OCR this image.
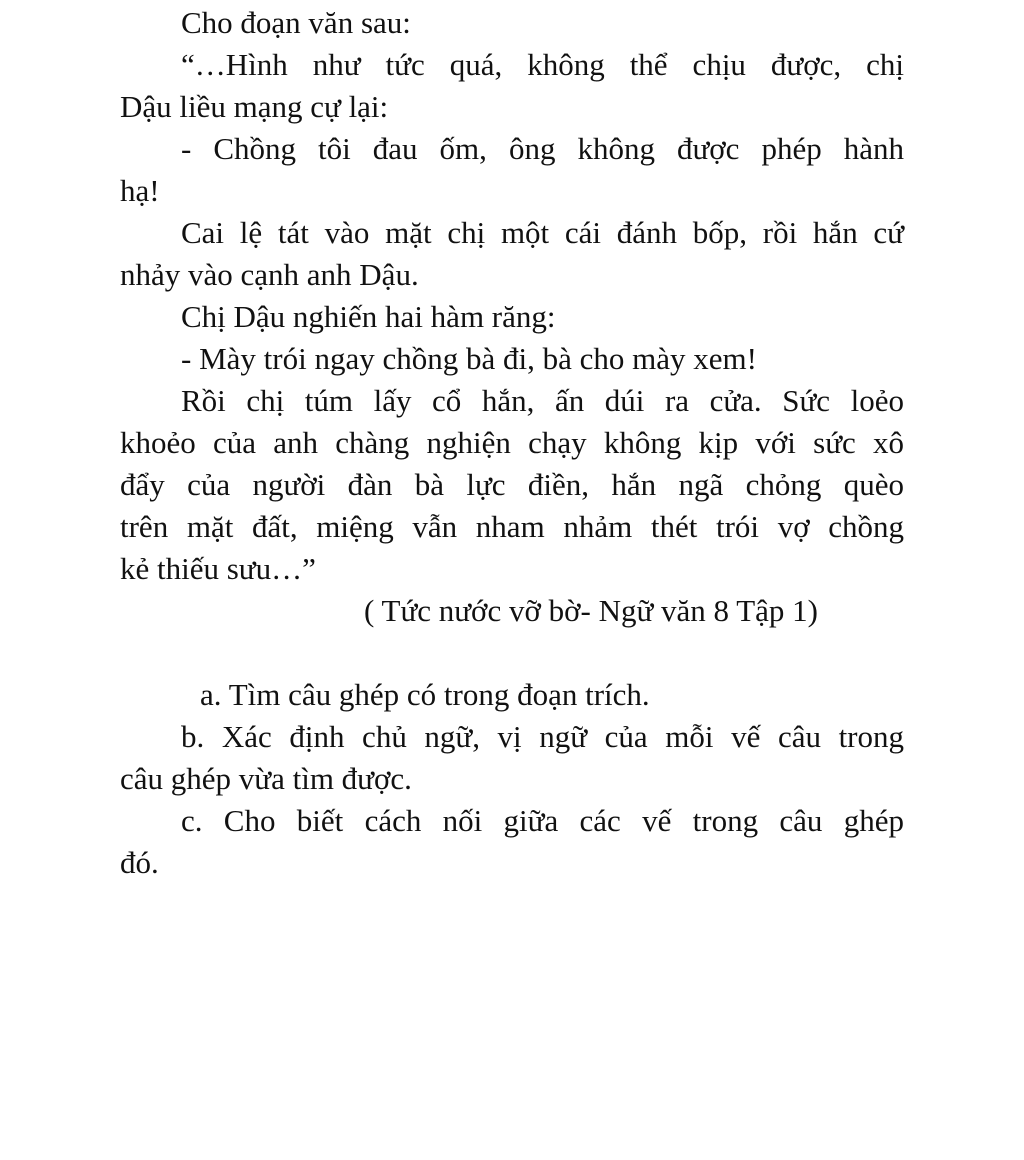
Cho đoạn văn sau:
“…Hình như tức quá, không thể chịu được, chị
Dậu liều mạng cự lại:
- Chồng tôi đau ốm, ông không được phép hành
hạ!
Cai lệ tát vào mặt chị một cái đánh bốp, rồi hắn cứ
nhảy vào cạnh anh Dậu.
Chị Dậu nghiến hai hàm răng:
- Mày trói ngay chồng bà đi, bà cho mày xem!
Rồi chị túm lấy cổ hắn, ấn dúi ra cửa. Sức loẻo
khoẻo của anh chàng nghiện chạy không kịp với sức xô
đẩy của người đàn bà lực điền, hắn ngã chỏng quèo
trên mặt đất, miệng vẫn nham nhảm thét trói vợ chồng
kẻ thiếu sưu…”
( Tức nước vỡ bờ- Ngữ văn 8 Tập 1)
a. Tìm câu ghép có trong đoạn trích.
b. Xác định chủ ngữ, vị ngữ của mỗi vế câu trong
câu ghép vừa tìm được.
c. Cho biết cách nối giữa các vế trong câu ghép
đó.
